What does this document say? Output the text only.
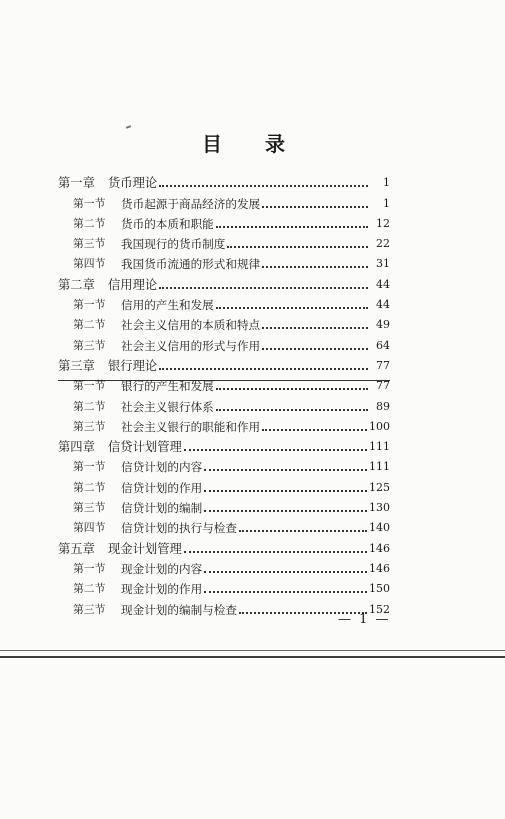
目 录
第一章	货币理论	1
第一节	货币起源于商品经济的发展	1
第二节	货币的本质和职能	12
第三节	我国现行的货币制度	22
第四节	我国货币流通的形式和规律	31
第二章	信用理论	44
第一节	信用的产生和发展	44
第二节	社会主义信用的本质和特点	49
第三节	社会主义信用的形式与作用	64
第三章	银行理论	77
第一节	银行的产生和发展	77
第二节	社会主义银行体系	89
第三节	社会主义银行的职能和作用	100
第四章	信贷计划管理	111
第一节	信贷计划的内容	111
第二节	信贷计划的作用	125
第三节	信贷计划的编制	130
第四节	信贷计划的执行与检查	140
第五章	现金计划管理	146
第一节	现金计划的内容	146
第二节	现金计划的作用	150
第三节	现金计划的编制与检查	152
— 1 —
